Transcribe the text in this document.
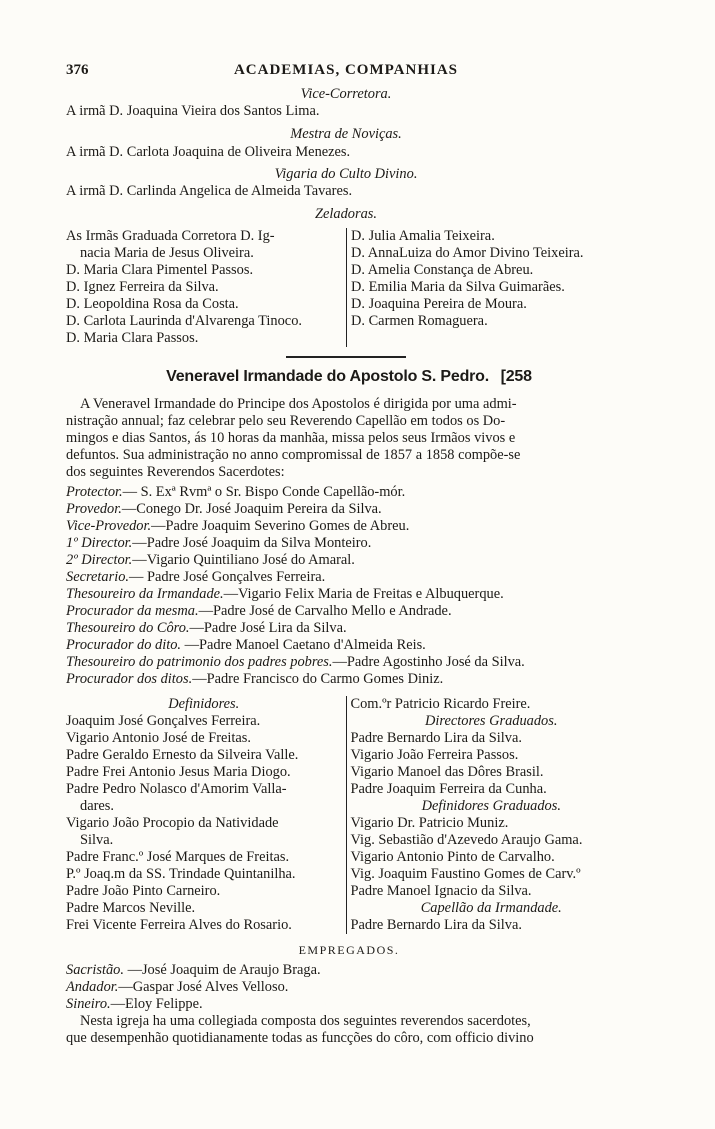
376	ACADEMIAS, COMPANHIAS
Vice-Corretora.
A irmã D. Joaquina Vieira dos Santos Lima.
Mestra de Noviças.
A irmã D. Carlota Joaquina de Oliveira Menezes.
Vigaria do Culto Divino.
A irmã D. Carlinda Angelica de Almeida Tavares.
Zeladoras.
As Irmãs Graduada Corretora D. Ig-
nacia Maria de Jesus Oliveira.
D. Maria Clara Pimentel Passos.
D. Ignez Ferreira da Silva.
D. Leopoldina Rosa da Costa.
D. Carlota Laurinda d'Alvarenga Tinoco.
D. Maria Clara Passos.
D. Julia Amalia Teixeira.
D. AnnaLuiza do Amor Divino Teixeira.
D. Amelia Constança de Abreu.
D. Emilia Maria da Silva Guimarães.
D. Joaquina Pereira de Moura.
D. Carmen Romaguera.
Veneravel Irmandade do Apostolo S. Pedro. [258
A Veneravel Irmandade do Principe dos Apostolos é dirigida por uma admi-
nistração annual; faz celebrar pelo seu Reverendo Capellão em todos os Do-
mingos e dias Santos, ás 10 horas da manhãa, missa pelos seus Irmãos vivos e
defuntos. Sua administração no anno compromissal de 1857 a 1858 compõe-se
dos seguintes Reverendos Sacerdotes:
Protector.— S. Exª Rvmª o Sr. Bispo Conde Capellão-mór.
Provedor.—Conego Dr. José Joaquim Pereira da Silva.
Vice-Provedor.—Padre Joaquim Severino Gomes de Abreu.
1º Director.—Padre José Joaquim da Silva Monteiro.
2º Director.—Vigario Quintiliano José do Amaral.
Secretario.— Padre José Gonçalves Ferreira.
Thesoureiro da Irmandade.—Vigario Felix Maria de Freitas e Albuquerque.
Procurador da mesma.—Padre José de Carvalho Mello e Andrade.
Thesoureiro do Côro.—Padre José Lira da Silva.
Procurador do dito. —Padre Manoel Caetano d'Almeida Reis.
Thesoureiro do patrimonio dos padres pobres.—Padre Agostinho José da Silva.
Procurador dos ditos.—Padre Francisco do Carmo Gomes Diniz.
Definidores.
Joaquim José Gonçalves Ferreira.
Vigario Antonio José de Freitas.
Padre Geraldo Ernesto da Silveira Valle.
Padre Frei Antonio Jesus Maria Diogo.
Padre Pedro Nolasco d'Amorim Valla-
dares.
Vigario João Procopio da Natividade
Silva.
Padre Franc.º José Marques de Freitas.
P.º Joaq.m da SS. Trindade Quintanilha.
Padre João Pinto Carneiro.
Padre Marcos Neville.
Frei Vicente Ferreira Alves do Rosario.
Com.ºr Patricio Ricardo Freire.
Directores Graduados.
Padre Bernardo Lira da Silva.
Vigario João Ferreira Passos.
Vigario Manoel das Dôres Brasil.
Padre Joaquim Ferreira da Cunha.
Definidores Graduados.
Vigario Dr. Patricio Muniz.
Vig. Sebastião d'Azevedo Araujo Gama.
Vigario Antonio Pinto de Carvalho.
Vig. Joaquim Faustino Gomes de Carv.º
Padre Manoel Ignacio da Silva.
Capellão da Irmandade.
Padre Bernardo Lira da Silva.
EMPREGADOS.
Sacristão. —José Joaquim de Araujo Braga.
Andador.—Gaspar José Alves Velloso.
Sineiro.—Eloy Felippe.
Nesta igreja ha uma collegiada composta dos seguintes reverendos sacerdotes,
que desempenhão quotidianamente todas as funcções do côro, com officio divino
